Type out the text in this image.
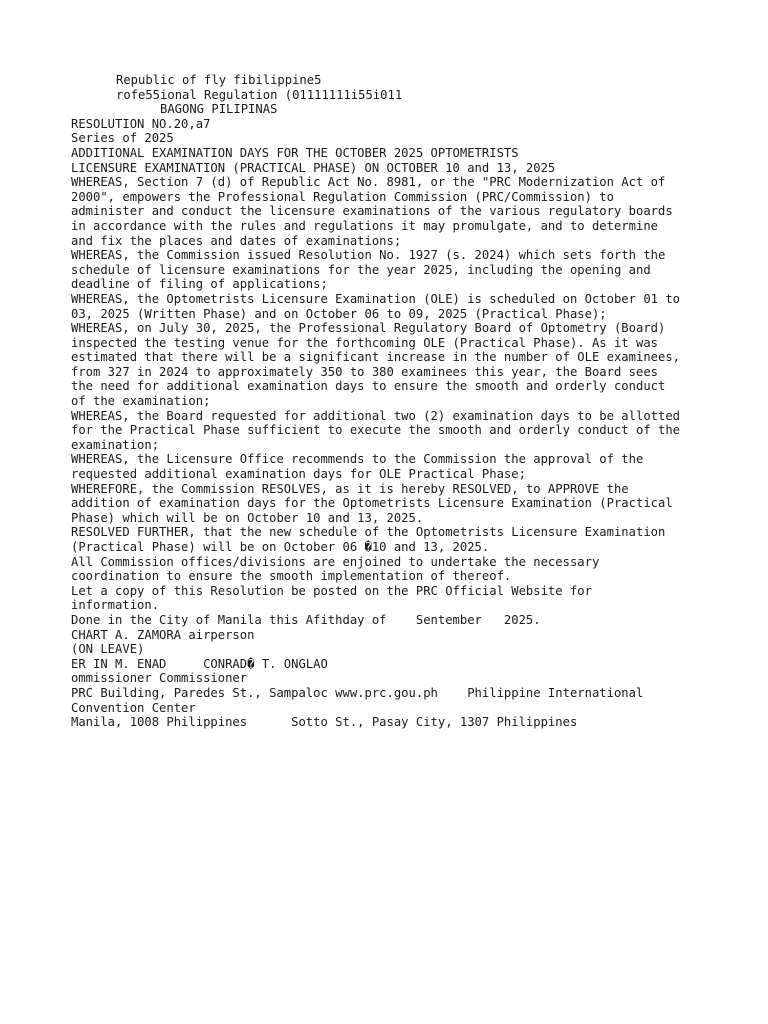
Republic of fly fibilippine5
rofe55ional Regulation (01111111i55i011
BAGONG PILIPINAS
RESOLUTION NO.20,a7
Series of 2025
ADDITIONAL EXAMINATION DAYS FOR THE OCTOBER 2025 OPTOMETRISTS
LICENSURE EXAMINATION (PRACTICAL PHASE) ON OCTOBER 10 and 13, 2025
WHEREAS, Section 7 (d) of Republic Act No. 8981, or the "PRC Modernization Act of
2000", empowers the Professional Regulation Commission (PRC/Commission) to
administer and conduct the licensure examinations of the various regulatory boards
in accordance with the rules and regulations it may promulgate, and to determine
and fix the places and dates of examinations;
WHEREAS, the Commission issued Resolution No. 1927 (s. 2024) which sets forth the
schedule of licensure examinations for the year 2025, including the opening and
deadline of filing of applications;
WHEREAS, the Optometrists Licensure Examination (OLE) is scheduled on October 01 to
03, 2025 (Written Phase) and on October 06 to 09, 2025 (Practical Phase);
WHEREAS, on July 30, 2025, the Professional Regulatory Board of Optometry (Board)
inspected the testing venue for the forthcoming OLE (Practical Phase). As it was
estimated that there will be a significant increase in the number of OLE examinees,
from 327 in 2024 to approximately 350 to 380 examinees this year, the Board sees
the need for additional examination days to ensure the smooth and orderly conduct
of the examination;
WHEREAS, the Board requested for additional two (2) examination days to be allotted
for the Practical Phase sufficient to execute the smooth and orderly conduct of the
examination;
WHEREAS, the Licensure Office recommends to the Commission the approval of the
requested additional examination days for OLE Practical Phase;
WHEREFORE, the Commission RESOLVES, as it is hereby RESOLVED, to APPROVE the
addition of examination days for the Optometrists Licensure Examination (Practical
Phase) which will be on October 10 and 13, 2025.
RESOLVED FURTHER, that the new schedule of the Optometrists Licensure Examination
(Practical Phase) will be on October 06 �10 and 13, 2025.
All Commission offices/divisions are enjoined to undertake the necessary
coordination to ensure the smooth implementation of thereof.
Let a copy of this Resolution be posted on the PRC Official Website for
information.
Done in the City of Manila this Afithday of    Sentember   2025.
CHART A. ZAMORA airperson
(ON LEAVE)
ER IN M. ENAD     CONRAD� T. ONGLAO
ommissioner Commissioner
PRC Building, Paredes St., Sampaloc www.prc.gou.ph    Philippine International
Convention Center
Manila, 1008 Philippines      Sotto St., Pasay City, 1307 Philippines
